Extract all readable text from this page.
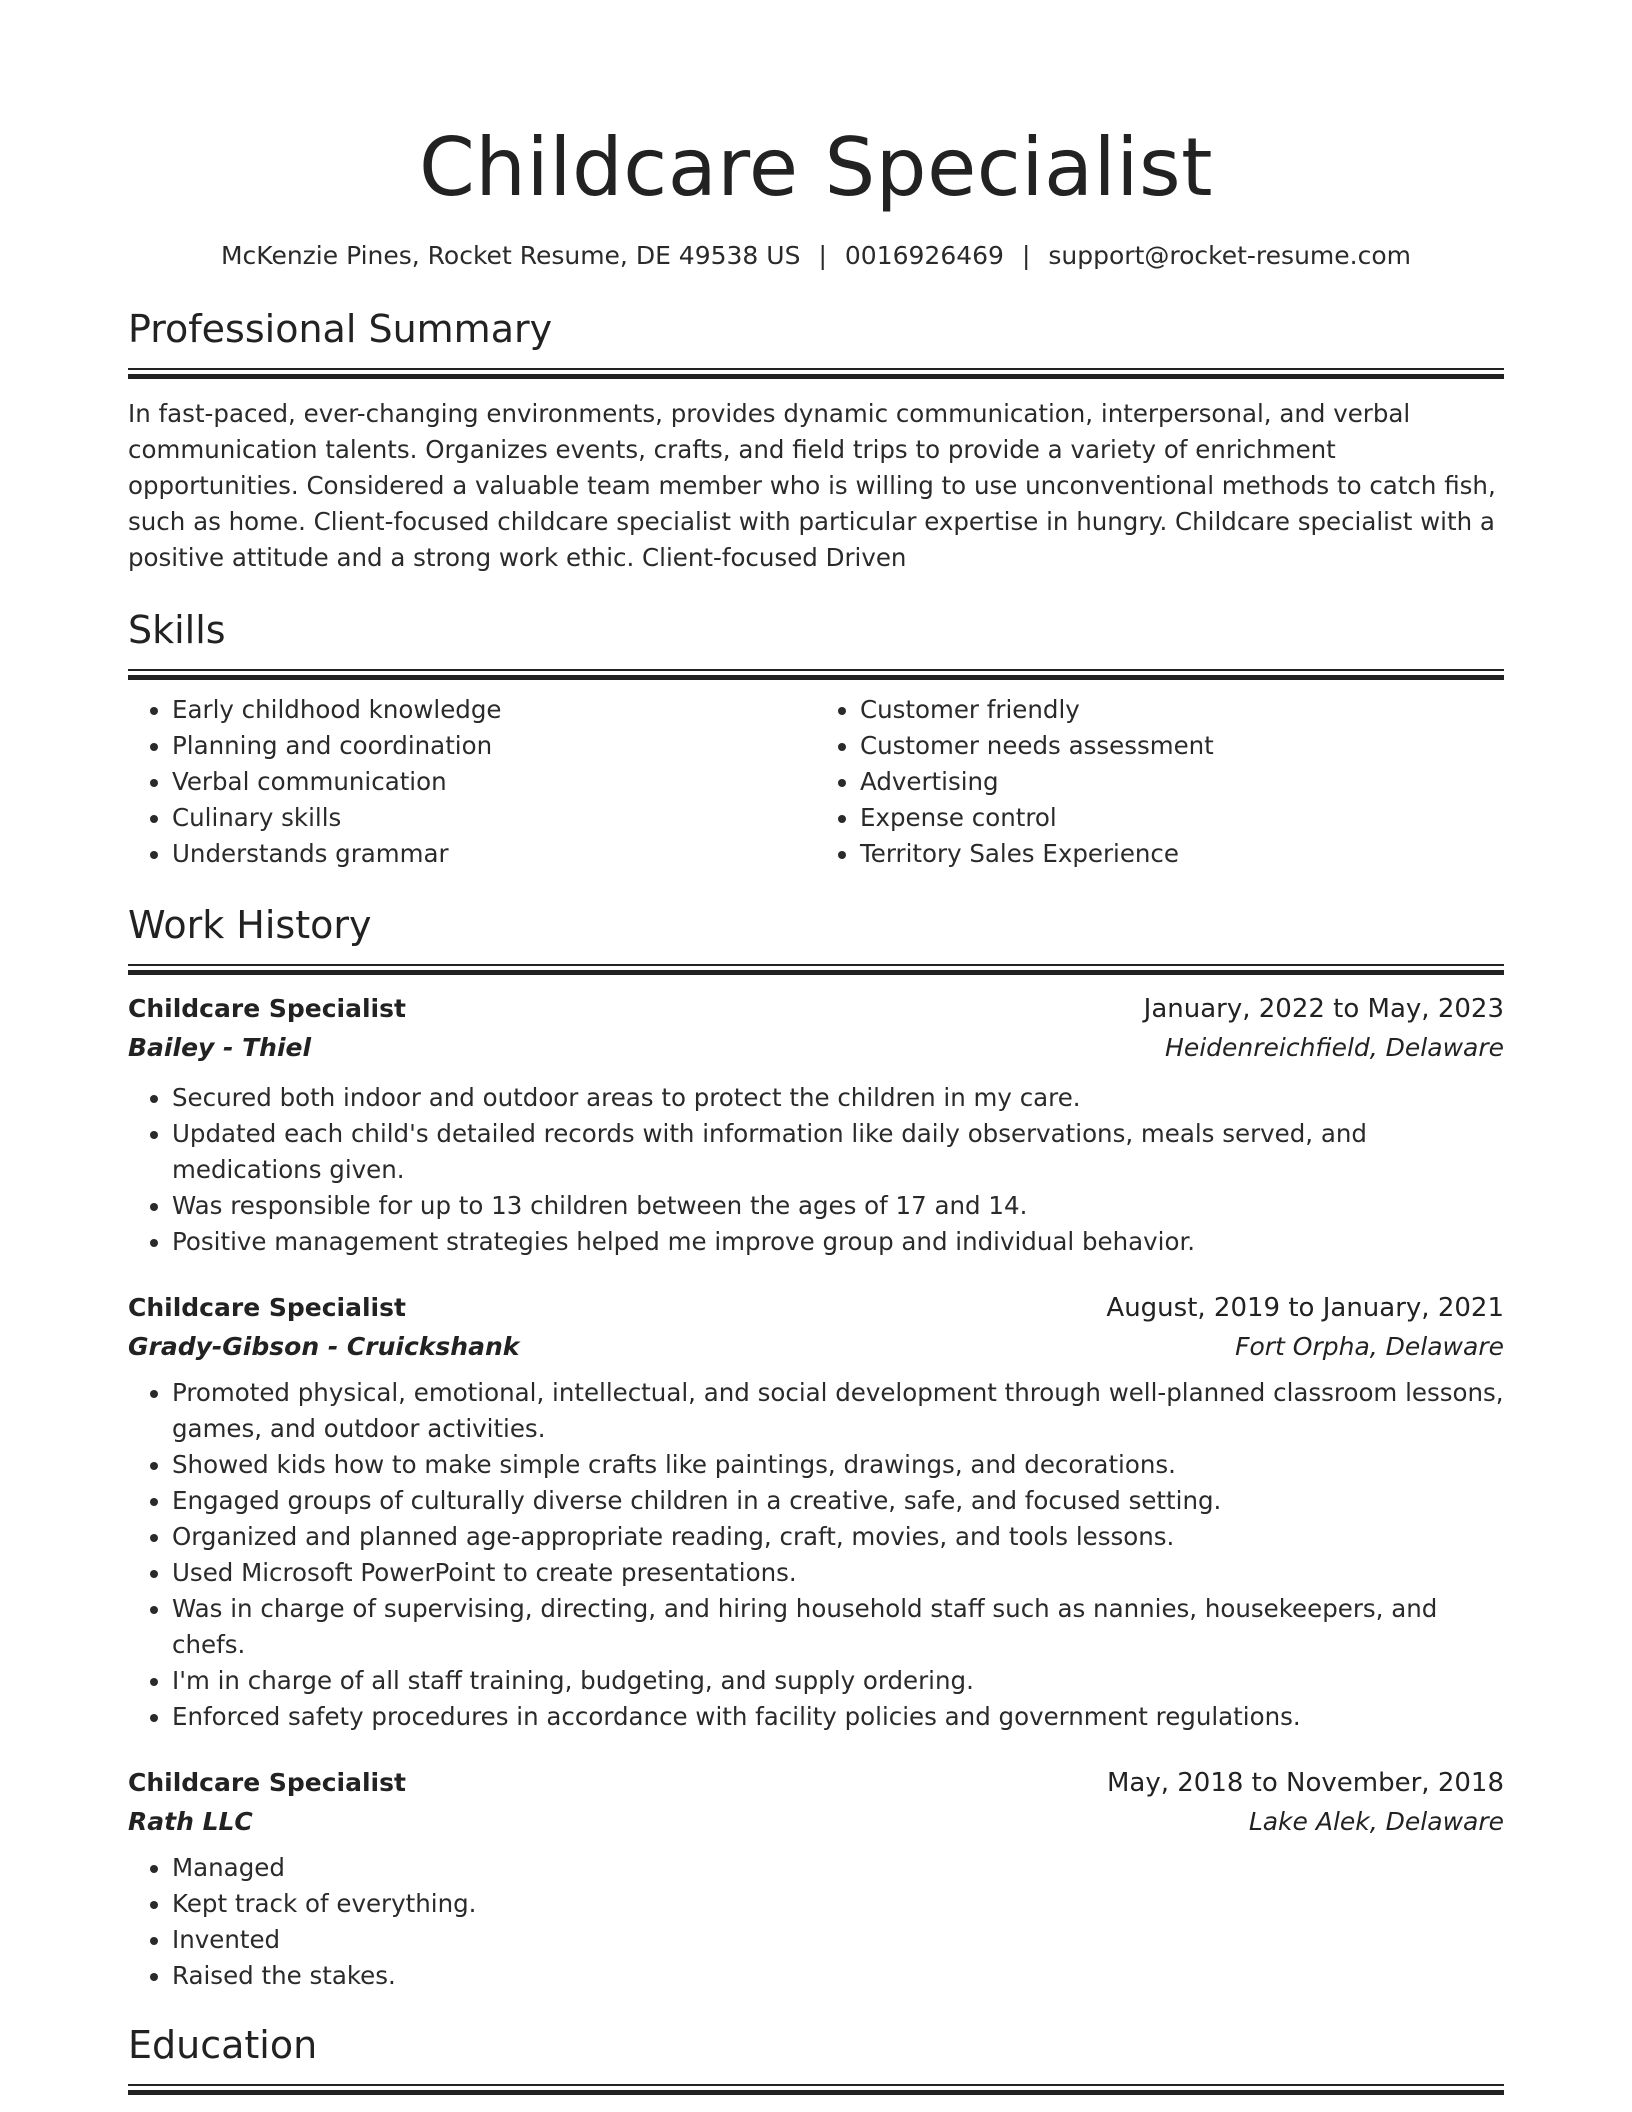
Childcare Specialist
McKenzie Pines, Rocket Resume, DE 49538 US | 0016926469 | support@rocket-resume.com
Professional Summary

In fast-paced, ever-changing environments, provides dynamic communication, interpersonal, and verbal communication talents. Organizes events, crafts, and field trips to provide a variety of enrichment opportunities. Considered a valuable team member who is willing to use unconventional methods to catch fish, such as home. Client-focused childcare specialist with particular expertise in hungry. Childcare specialist with a positive attitude and a strong work ethic. Client-focused Driven

Skills
• Early childhood knowledge
• Planning and coordination
• Verbal communication
• Culinary skills
• Understands grammar
• Customer friendly
• Customer needs assessment
• Advertising
• Expense control
• Territory Sales Experience
Work History
Childcare Specialist	January, 2022 to May, 2023
Bailey - Thiel	Heidenreichfield, Delaware
• Secured both indoor and outdoor areas to protect the children in my care.
• Updated each child's detailed records with information like daily observations, meals served, and medications given.
• Was responsible for up to 13 children between the ages of 17 and 14.
• Positive management strategies helped me improve group and individual behavior.
Childcare Specialist	August, 2019 to January, 2021
Grady-Gibson - Cruickshank	Fort Orpha, Delaware
• Promoted physical, emotional, intellectual, and social development through well-planned classroom lessons, games, and outdoor activities.
• Showed kids how to make simple crafts like paintings, drawings, and decorations.
• Engaged groups of culturally diverse children in a creative, safe, and focused setting.
• Organized and planned age-appropriate reading, craft, movies, and tools lessons.
• Used Microsoft PowerPoint to create presentations.
• Was in charge of supervising, directing, and hiring household staff such as nannies, housekeepers, and chefs.
• I'm in charge of all staff training, budgeting, and supply ordering.
• Enforced safety procedures in accordance with facility policies and government regulations.
Childcare Specialist	May, 2018 to November, 2018
Rath LLC	Lake Alek, Delaware
• Managed
• Kept track of everything.
• Invented
• Raised the stakes.
Education
